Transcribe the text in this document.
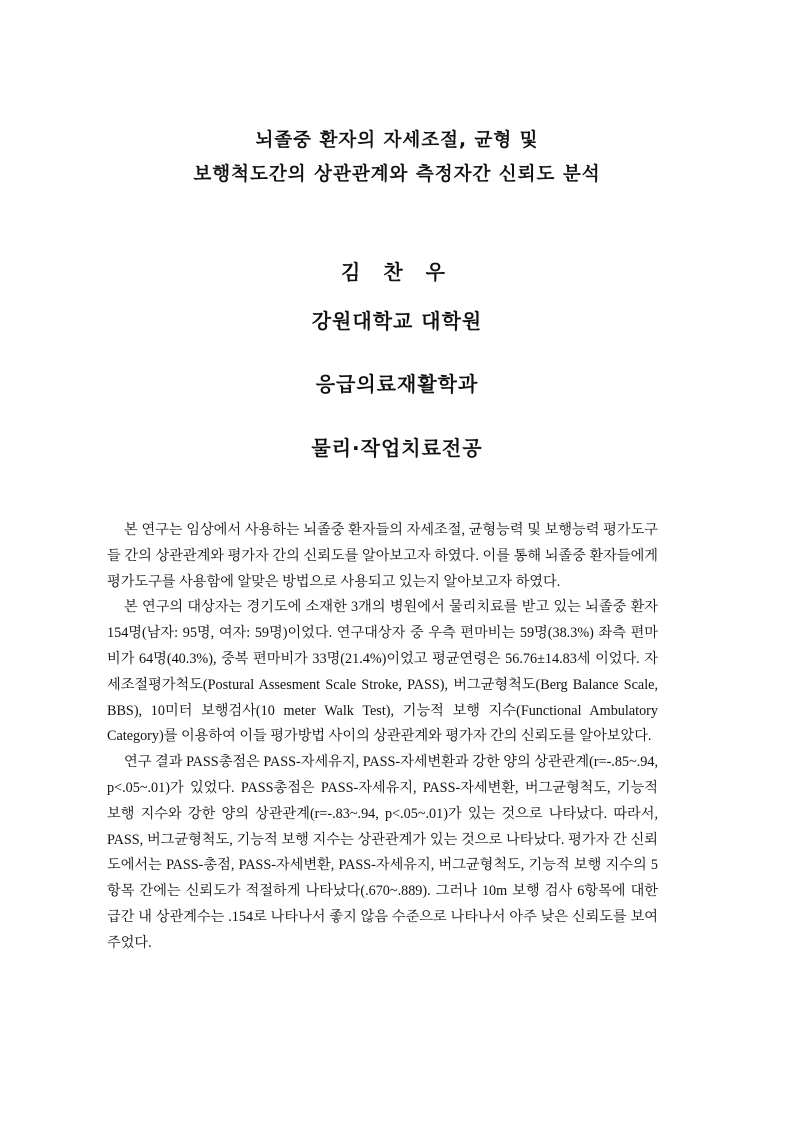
뇌졸중 환자의 자세조절, 균형 및
보행척도간의 상관관계와 측정자간 신뢰도 분석
김 찬 우
강원대학교 대학원
응급의료재활학과
물리·작업치료전공

본 연구는 임상에서 사용하는 뇌졸중 환자들의 자세조절, 균형능력 및 보행능력 평가도구들 간의 상관관계와 평가자 간의 신뢰도를 알아보고자 하였다. 이를 통해 뇌졸중 환자들에게 평가도구를 사용함에 알맞은 방법으로 사용되고 있는지 알아보고자 하였다.

본 연구의 대상자는 경기도에 소재한 3개의 병원에서 물리치료를 받고 있는 뇌졸중 환자 154명(남자: 95명, 여자: 59명)이었다. 연구대상자 중 우측 편마비는 59명(38.3%) 좌측 편마비가 64명(40.3%), 중복 편마비가 33명(21.4%)이었고 평균연령은 56.76±14.83세 이었다. 자세조절평가척도(Postural Assesment Scale Stroke, PASS), 버그균형척도(Berg Balance Scale, BBS), 10미터 보행검사(10 meter Walk Test), 기능적 보행 지수(Functional Ambulatory Category)를 이용하여 이들 평가방법 사이의 상관관계와 평가자 간의 신뢰도를 알아보았다.

연구 결과 PASS총점은 PASS-자세유지, PASS-자세변환과 강한 양의 상관관계(r=-.85~.94, p<.05~.01)가 있었다. PASS총점은 PASS-자세유지, PASS-자세변환, 버그균형척도, 기능적 보행 지수와 강한 양의 상관관계(r=-.83~.94, p<.05~.01)가 있는 것으로 나타났다. 따라서, PASS, 버그균형척도, 기능적 보행 지수는 상관관계가 있는 것으로 나타났다. 평가자 간 신뢰도에서는 PASS-총점, PASS-자세변환, PASS-자세유지, 버그균형척도, 기능적 보행 지수의 5항목 간에는 신뢰도가 적절하게 나타났다(.670~.889). 그러나 10m 보행 검사 6항목에 대한 급간 내 상관계수는 .154로 나타나서 좋지 않음 수준으로 나타나서 아주 낮은 신뢰도를 보여 주었다.
